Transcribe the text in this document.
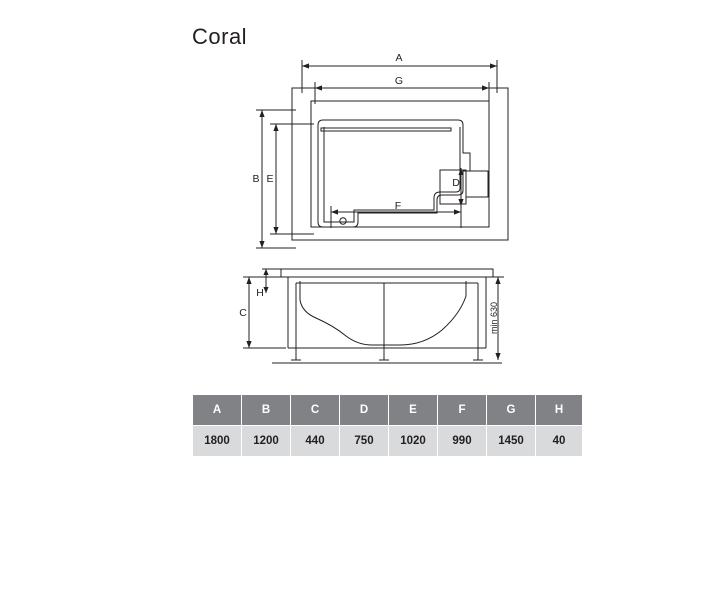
Coral
A
G
B E
F
D
C
H
min 630
A	B	C	D	E	F	G	H
1800	1200	440	750	1020	990	1450	40
